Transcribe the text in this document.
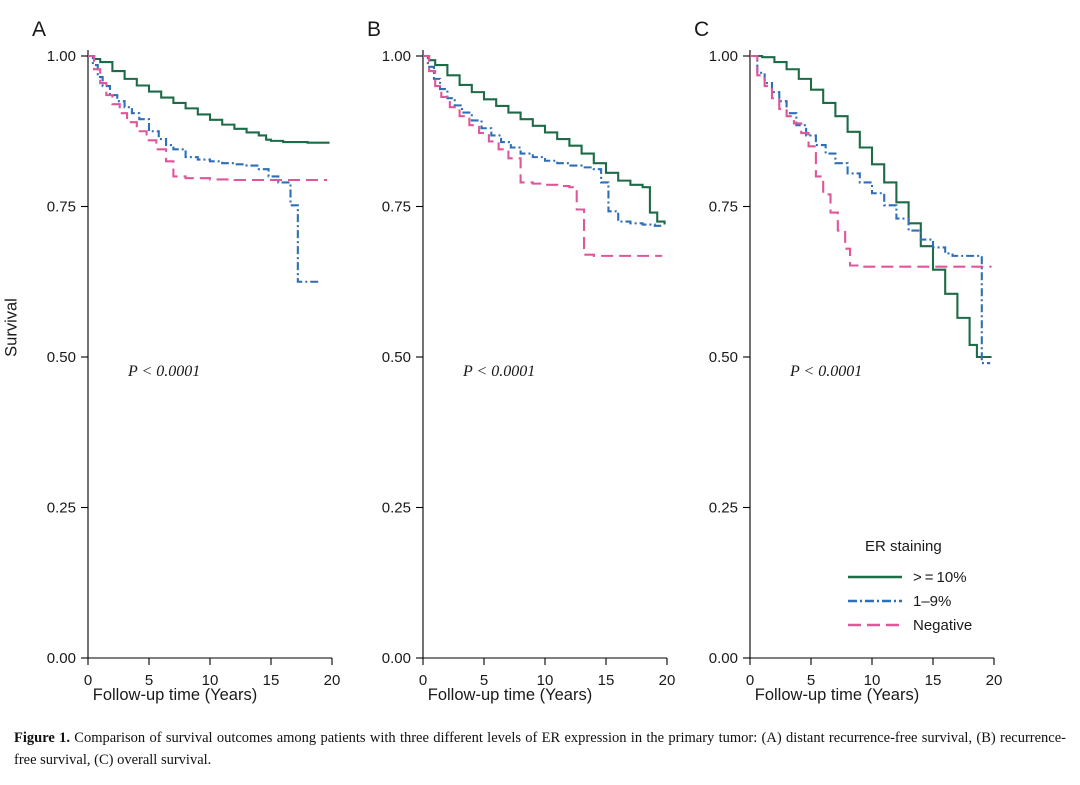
A
Survival
Follow-up time (Years)
P < 0.0001
0.00
0.25
0.50
0.75
1.00
0	5	10	15	20
B
Follow-up time (Years)
P < 0.0001
0.00
0.25
0.50
0.75
1.00
0	5	10	15	20
C
Follow-up time (Years)
P < 0.0001
0.00
0.25
0.50
0.75
1.00
0	5	10	15	20
ER staining
> = 10%
1–9%
Negative
Figure 1. Comparison of survival outcomes among patients with three different levels of ER expression in the primary tumor: (A) distant recurrence-free survival, (B) recurrence-free survival, (C) overall survival.
